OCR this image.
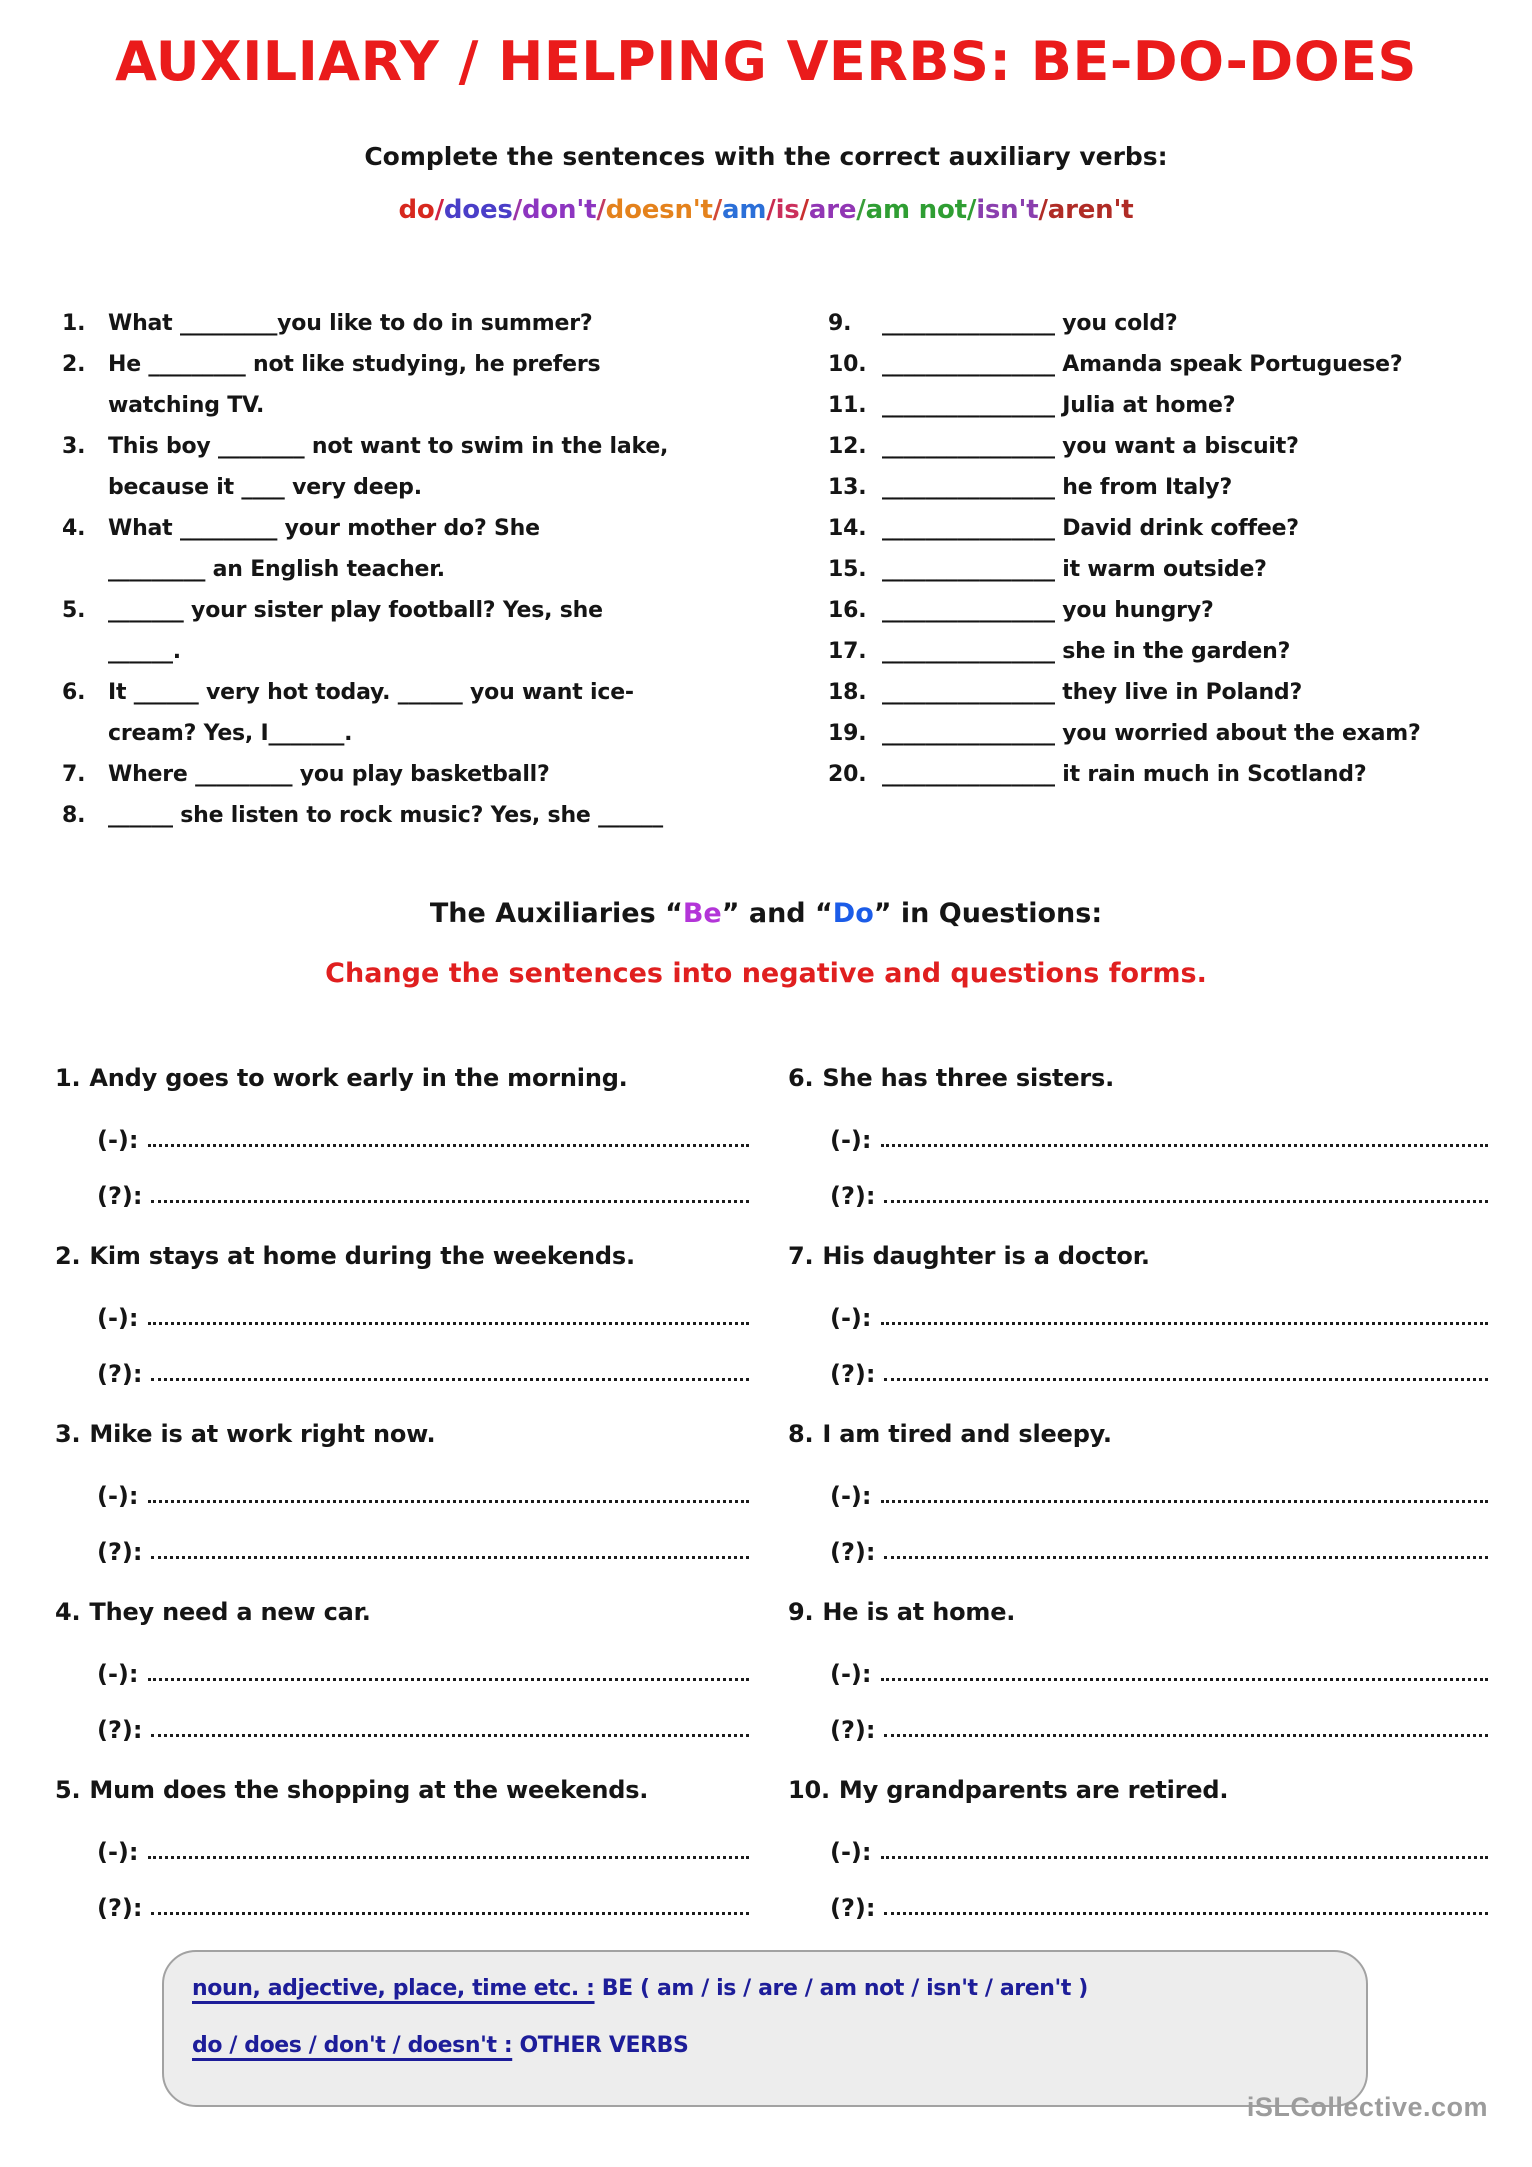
AUXILIARY / HELPING VERBS: BE-DO-DOES
Complete the sentences with the correct auxiliary verbs:
do/does/don't/doesn't/am/is/are/am not/isn't/aren't
1.	What _________you like to do in summer?
2.	He _________ not like studying, he prefers
watching TV.
3.	This boy ________ not want to swim in the lake,
because it ____ very deep.
4.	What _________ your mother do? She
_________ an English teacher.
5.	_______ your sister play football? Yes, she
______.
6.	It ______ very hot today. ______ you want ice-
cream? Yes, I_______.
7.	Where _________ you play basketball?
8.	______ she listen to rock music? Yes, she ______
9.	________________ you cold?
10. ________________ Amanda speak Portuguese?
11. ________________ Julia at home?
12. ________________ you want a biscuit?
13. ________________ he from Italy?
14. ________________ David drink coffee?
15. ________________ it warm outside?
16. ________________ you hungry?
17. ________________ she in the garden?
18. ________________ they live in Poland?
19. ________________ you worried about the exam?
20. ________________ it rain much in Scotland?
The Auxiliaries “Be” and “Do” in Questions:
Change the sentences into negative and questions forms.
1. Andy goes to work early in the morning.
(-):
(?):
2. Kim stays at home during the weekends.
(-):
(?):
3. Mike is at work right now.
(-):
(?):
4. They need a new car.
(-):
(?):
5. Mum does the shopping at the weekends.
(-):
(?):
6. She has three sisters.
(-):
(?):
7. His daughter is a doctor.
(-):
(?):
8. I am tired and sleepy.
(-):
(?):
9. He is at home.
(-):
(?):
10. My grandparents are retired.
(-):
(?):
noun, adjective, place, time etc. : BE ( am / is / are / am not / isn't / aren't )
do / does / don't / doesn't : OTHER VERBS
iSLCollective.com
